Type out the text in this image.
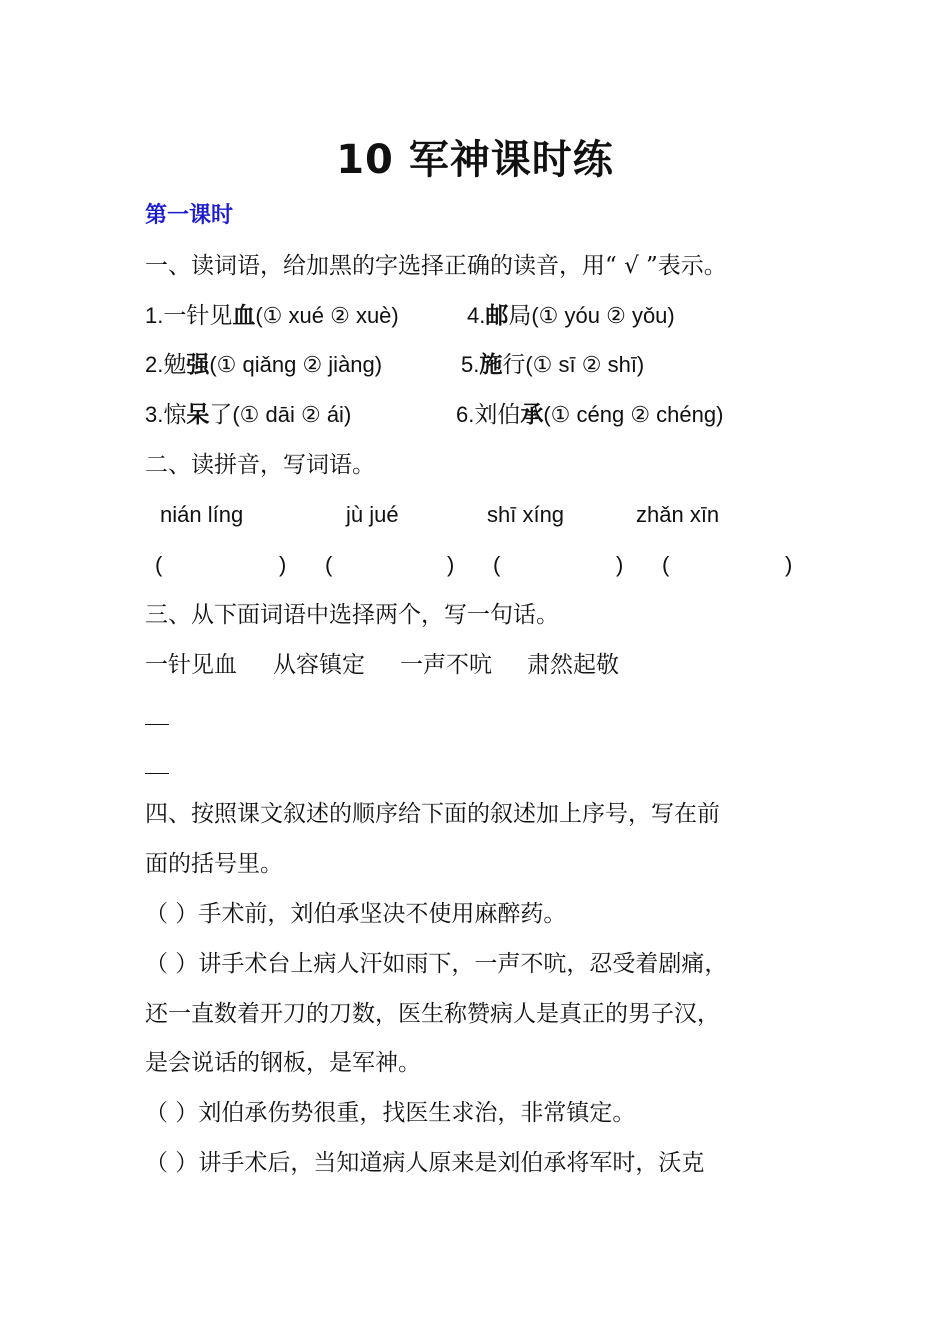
10 军神课时练
第一课时
一、读词语，给加黑的字选择正确的读音，用“ √ ”表示。
1.一针见血(① xué ② xuè)	4.邮局(① yóu ② yǒu)
2.勉强(① qiǎng ② jiàng)	5.施行(① sī ② shī)
3.惊呆了(① dāi ② ái)	6.刘伯承(① céng ② chéng)
二、读拼音，写词语。
nián líng	jù jué	shī xíng	zhǎn xīn
(	) (	) (	) (	)
三、从下面词语中选择两个，写一句话。
一针见血 从容镇定 一声不吭 肃然起敬
四、按照课文叙述的顺序给下面的叙述加上序号，写在前
面的括号里。
（ ）手术前，刘伯承坚决不使用麻醉药。
（ ）讲手术台上病人汗如雨下，一声不吭，忍受着剧痛，
还一直数着开刀的刀数，医生称赞病人是真正的男子汉，
是会说话的钢板，是军神。
（ ）刘伯承伤势很重，找医生求治，非常镇定。
（ ）讲手术后，当知道病人原来是刘伯承将军时，沃克
